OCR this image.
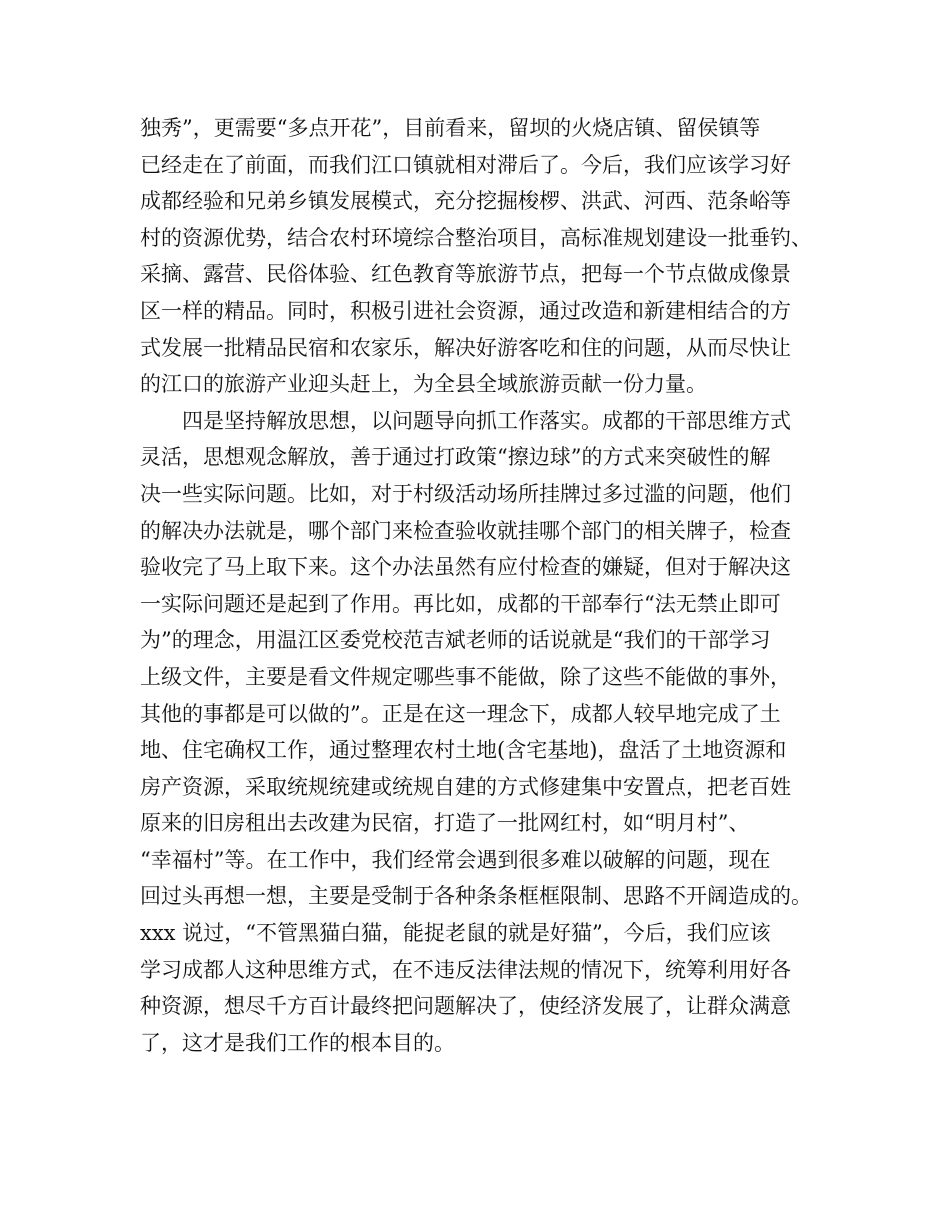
独秀”，更需要“多点开花”，目前看来，留坝的火烧店镇、留侯镇等
已经走在了前面，而我们江口镇就相对滞后了。今后，我们应该学习好
成都经验和兄弟乡镇发展模式，充分挖掘梭椤、洪武、河西、范条峪等
村的资源优势，结合农村环境综合整治项目，高标准规划建设一批垂钓、
采摘、露营、民俗体验、红色教育等旅游节点，把每一个节点做成像景
区一样的精品。同时，积极引进社会资源，通过改造和新建相结合的方
式发展一批精品民宿和农家乐，解决好游客吃和住的问题，从而尽快让
的江口的旅游产业迎头赶上，为全县全域旅游贡献一份力量。
四是坚持解放思想，以问题导向抓工作落实。成都的干部思维方式
灵活，思想观念解放，善于通过打政策“擦边球”的方式来突破性的解
决一些实际问题。比如，对于村级活动场所挂牌过多过滥的问题，他们
的解决办法就是，哪个部门来检查验收就挂哪个部门的相关牌子，检查
验收完了马上取下来。这个办法虽然有应付检查的嫌疑，但对于解决这
一实际问题还是起到了作用。再比如，成都的干部奉行“法无禁止即可
为”的理念，用温江区委党校范吉斌老师的话说就是“我们的干部学习
上级文件，主要是看文件规定哪些事不能做，除了这些不能做的事外，
其他的事都是可以做的”。正是在这一理念下，成都人较早地完成了土
地、住宅确权工作，通过整理农村土地(含宅基地)，盘活了土地资源和
房产资源，采取统规统建或统规自建的方式修建集中安置点，把老百姓
原来的旧房租出去改建为民宿，打造了一批网红村，如“明月村”、
“幸福村”等。在工作中，我们经常会遇到很多难以破解的问题，现在
回过头再想一想，主要是受制于各种条条框框限制、思路不开阔造成的。
xxx 说过，“不管黑猫白猫，能捉老鼠的就是好猫”，今后，我们应该
学习成都人这种思维方式，在不违反法律法规的情况下，统筹利用好各
种资源，想尽千方百计最终把问题解决了，使经济发展了，让群众满意
了，这才是我们工作的根本目的。
